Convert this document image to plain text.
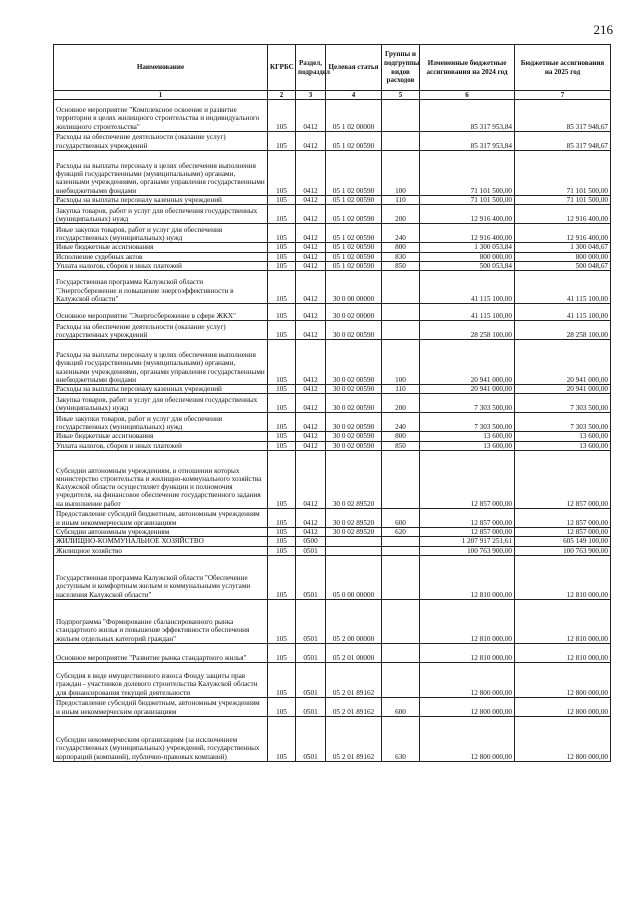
216
Наименование	КГРБС	Раздел, подраздел	Целевая статья	Группы и подгруппы видов расходов	Измененные бюджетные ассигнования на 2024 год	Бюджетные ассигнования на 2025 год
1	2	3	4	5	6	7
Основное мероприятие "Комплексное освоение и развитие территории в целях жилищного строительства и индивидуального жилищного строительства"	105	0412	05 1 02 00000		85 317 953,84	85 317 948,67
Расходы на обеспечение деятельности (оказание услуг) государственных учреждений	105	0412	05 1 02 00590		85 317 953,84	85 317 948,67
Расходы на выплаты персоналу в целях обеспечения выполнения функций государственными (муниципальными) органами, казенными учреждениями, органами управления государственными внебюджетными фондами	105	0412	05 1 02 00590	100	71 101 500,00	71 101 500,00
Расходы на выплаты персоналу казенных учреждений	105	0412	05 1 02 00590	110	71 101 500,00	71 101 500,00
Закупка товаров, работ и услуг для обеспечения государственных (муниципальных) нужд	105	0412	05 1 02 00590	200	12 916 400,00	12 916 400,00
Иные закупки товаров, работ и услуг для обеспечения государственных (муниципальных) нужд	105	0412	05 1 02 00590	240	12 916 400,00	12 916 400,00
Иные бюджетные ассигнования	105	0412	05 1 02 00590	800	1 300 053,84	1 300 048,67
Исполнение судебных актов	105	0412	05 1 02 00590	830	800 000,00	800 000,00
Уплата налогов, сборов и иных платежей	105	0412	05 1 02 00590	850	500 053,84	500 048,67
Государственная программа Калужской области "Энергосбережение и повышение энергоэффективности в Калужской области"	105	0412	30 0 00 00000		41 115 100,00	41 115 100,00
Основное мероприятие "Энергосбережение в сфере ЖКХ"	105	0412	30 0 02 00000		41 115 100,00	41 115 100,00
Расходы на обеспечение деятельности (оказание услуг) государственных учреждений	105	0412	30 0 02 00590		28 258 100,00	28 258 100,00
Расходы на выплаты персоналу в целях обеспечения выполнения функций государственными (муниципальными) органами, казенными учреждениями, органами управления государственными внебюджетными фондами	105	0412	30 0 02 00590	100	20 941 000,00	20 941 000,00
Расходы на выплаты персоналу казенных учреждений	105	0412	30 0 02 00590	110	20 941 000,00	20 941 000,00
Закупка товаров, работ и услуг для обеспечения государственных (муниципальных) нужд	105	0412	30 0 02 00590	200	7 303 500,00	7 303 500,00
Иные закупки товаров, работ и услуг для обеспечения государственных (муниципальных) нужд	105	0412	30 0 02 00590	240	7 303 500,00	7 303 500,00
Иные бюджетные ассигнования	105	0412	30 0 02 00590	800	13 600,00	13 600,00
Уплата налогов, сборов и иных платежей	105	0412	30 0 02 00590	850	13 600,00	13 600,00
Субсидии автономным учреждениям, в отношении которых министерство строительства и жилищно-коммунального хозяйства Калужской области осуществляет функции и полномочия учредителя, на финансовое обеспечение государственного задания на выполнение работ	105	0412	30 0 02 89520		12 857 000,00	12 857 000,00
Предоставление субсидий бюджетным, автономным учреждениям и иным некоммерческим организациям	105	0412	30 0 02 89520	600	12 857 000,00	12 857 000,00
Субсидии автономным учреждениям	105	0412	30 0 02 89520	620	12 857 000,00	12 857 000,00
ЖИЛИЩНО-КОММУНАЛЬНОЕ ХОЗЯЙСТВО	105	0500			1 207 917 251,61	605 149 100,00
Жилищное хозяйство	105	0501			100 763 900,00	100 763 900,00
Государственная программа Калужской области "Обеспечение доступным и комфортным жильем и коммунальными услугами населения Калужской области"	105	0501	05 0 00 00000		12 810 000,00	12 810 000,00
Подпрограмма "Формирование сбалансированного рынка стандартного жилья и повышение эффективности обеспечения жильем отдельных категорий граждан"	105	0501	05 2 00 00000		12 810 000,00	12 810 000,00
Основное мероприятие "Развитие рынка стандартного жилья"	105	0501	05 2 01 00000		12 810 000,00	12 810 000,00
Субсидия в виде имущественного взноса Фонду защиты прав граждан - участников долевого строительства Калужской области для финансирования текущей деятельности	105	0501	05 2 01 89162		12 800 000,00	12 800 000,00
Предоставление субсидий бюджетным, автономным учреждениям и иным некоммерческим организациям	105	0501	05 2 01 89162	600	12 800 000,00	12 800 000,00
Субсидии некоммерческим организациям (за исключением государственных (муниципальных) учреждений, государственных корпораций (компаний), публично-правовых компаний)	105	0501	05 2 01 89162	630	12 800 000,00	12 800 000,00
